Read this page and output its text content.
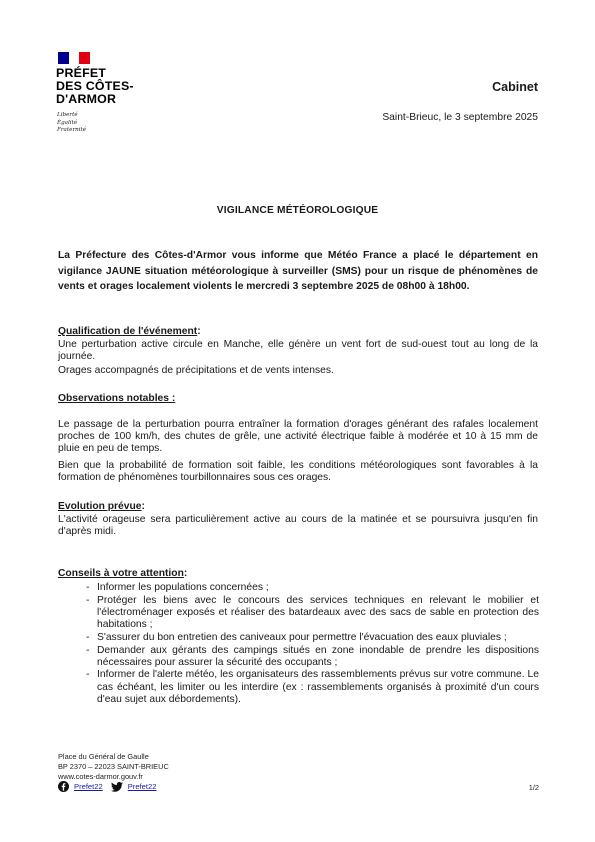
PRÉFET
DES CÔTES-
D'ARMOR
Liberté
Égalité
Fraternité
Cabinet
Saint-Brieuc, le 3 septembre 2025
VIGILANCE MÉTÉOROLOGIQUE
La Préfecture des Côtes-d'Armor vous informe que Météo France a placé le département en vigilance JAUNE situation météorologique à surveiller (SMS) pour un risque de phénomènes de vents et orages localement violents le mercredi 3 septembre 2025 de 08h00 à 18h00.
Qualification de l'événement:

Une perturbation active circule en Manche, elle génère un vent fort de sud-ouest tout au long de la journée.

Orages accompagnés de précipitations et de vents intenses.

Observations notables :

Le passage de la perturbation pourra entraîner la formation d'orages générant des rafales localement proches de 100 km/h, des chutes de grêle, une activité électrique faible à modérée et 10 à 15 mm de pluie en peu de temps.

Bien que la probabilité de formation soit faible, les conditions météorologiques sont favorables à la formation de phénomènes tourbillonnaires sous ces orages.

Evolution prévue:

L'activité orageuse sera particulièrement active au cours de la matinée et se poursuivra jusqu'en fin d'après midi.

Conseils à votre attention:
- Informer les populations concernées ;
- Protéger les biens avec le concours des services techniques en relevant le mobilier et l'électroménager exposés et réaliser des batardeaux avec des sacs de sable en protection des habitations ;
- S'assurer du bon entretien des caniveaux pour permettre l'évacuation des eaux pluviales ;
- Demander aux gérants des campings situés en zone inondable de prendre les dispositions nécessaires pour assurer la sécurité des occupants ;
- Informer de l'alerte météo, les organisateurs des rassemblements prévus sur votre commune. Le cas échéant, les limiter ou les interdire (ex : rassemblements organisés à proximité d'un cours d'eau sujet aux débordements).
Place du Général de Gaulle
BP 2370 – 22023 SAINT-BRIEUC
www.cotes-darmor.gouv.fr
Prefet22	Prefet22	1/2
